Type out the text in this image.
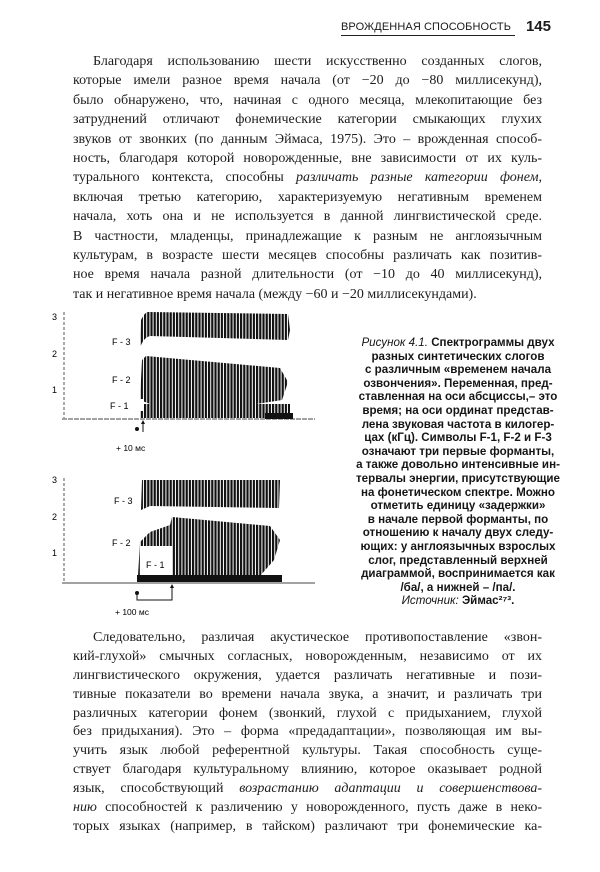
ВРОЖДЕННАЯ СПОСОБНОСТЬ 145
Благодаря использованию шести искусственно созданных слогов,
которые имели разное время начала (от −20 до −80 миллисекунд),
было обнаружено, что, начиная с одного месяца, млекопитающие без
затруднений отличают фонемические категории смыкающих глухих
звуков от звонких (по данным Эймаса, 1975). Это – врожденная способ-
ность, благодаря которой новорожденные, вне зависимости от их куль-
турального контекста, способны различать разные категории фонем,
включая третью категорию, характеризуемую негативным временем
начала, хоть она и не используется в данной лингвистической среде.
В частности, младенцы, принадлежащие к разным не англоязычным
культурам, в возрасте шести месяцев способны различать как позитив-
ное время начала разной длительности (от −10 до 40 миллисекунд),
так и негативное время начала (между −60 и −20 миллисекундами).
3
2
1
F - 3
F - 2
F - 1
+ 10 мс
3
2
1
F - 3
F - 2
F - 1
+ 100 мс
Рисунок 4.1. Спектрограммы двух
разных синтетических слогов
с различным «временем начала
озвончения». Переменная, пред-
ставленная на оси абсциссы,– это
время; на оси ординат представ-
лена звуковая частота в килогер-
цах (кГц). Символы F-1, F-2 и F-3
означают три первые форманты,
а также довольно интенсивные ин-
тервалы энергии, присутствующие
на фонетическом спектре. Можно
отметить единицу «задержки»
в начале первой форманты, по
отношению к началу двух следу-
ющих: у англоязычных взрослых
слог, представленный верхней
диаграммой, воспринимается как
/ба/, а нижней – /па/.
Источник: Эймас²⁷³.
Следовательно, различая акустическое противопоставление «звон-
кий-глухой» смычных согласных, новорожденным, независимо от их
лингвистического окружения, удается различать негативные и пози-
тивные показатели во времени начала звука, а значит, и различать три
различных категории фонем (звонкий, глухой с придыханием, глухой
без придыхания). Это – форма «предадаптации», позволяющая им вы-
учить язык любой референтной культуры. Такая способность суще-
ствует благодаря культуральному влиянию, которое оказывает родной
язык, способствующий возрастанию адаптации и совершенствова-
нию способностей к различению у новорожденного, пусть даже в неко-
торых языках (например, в тайском) различают три фонемические ка-
